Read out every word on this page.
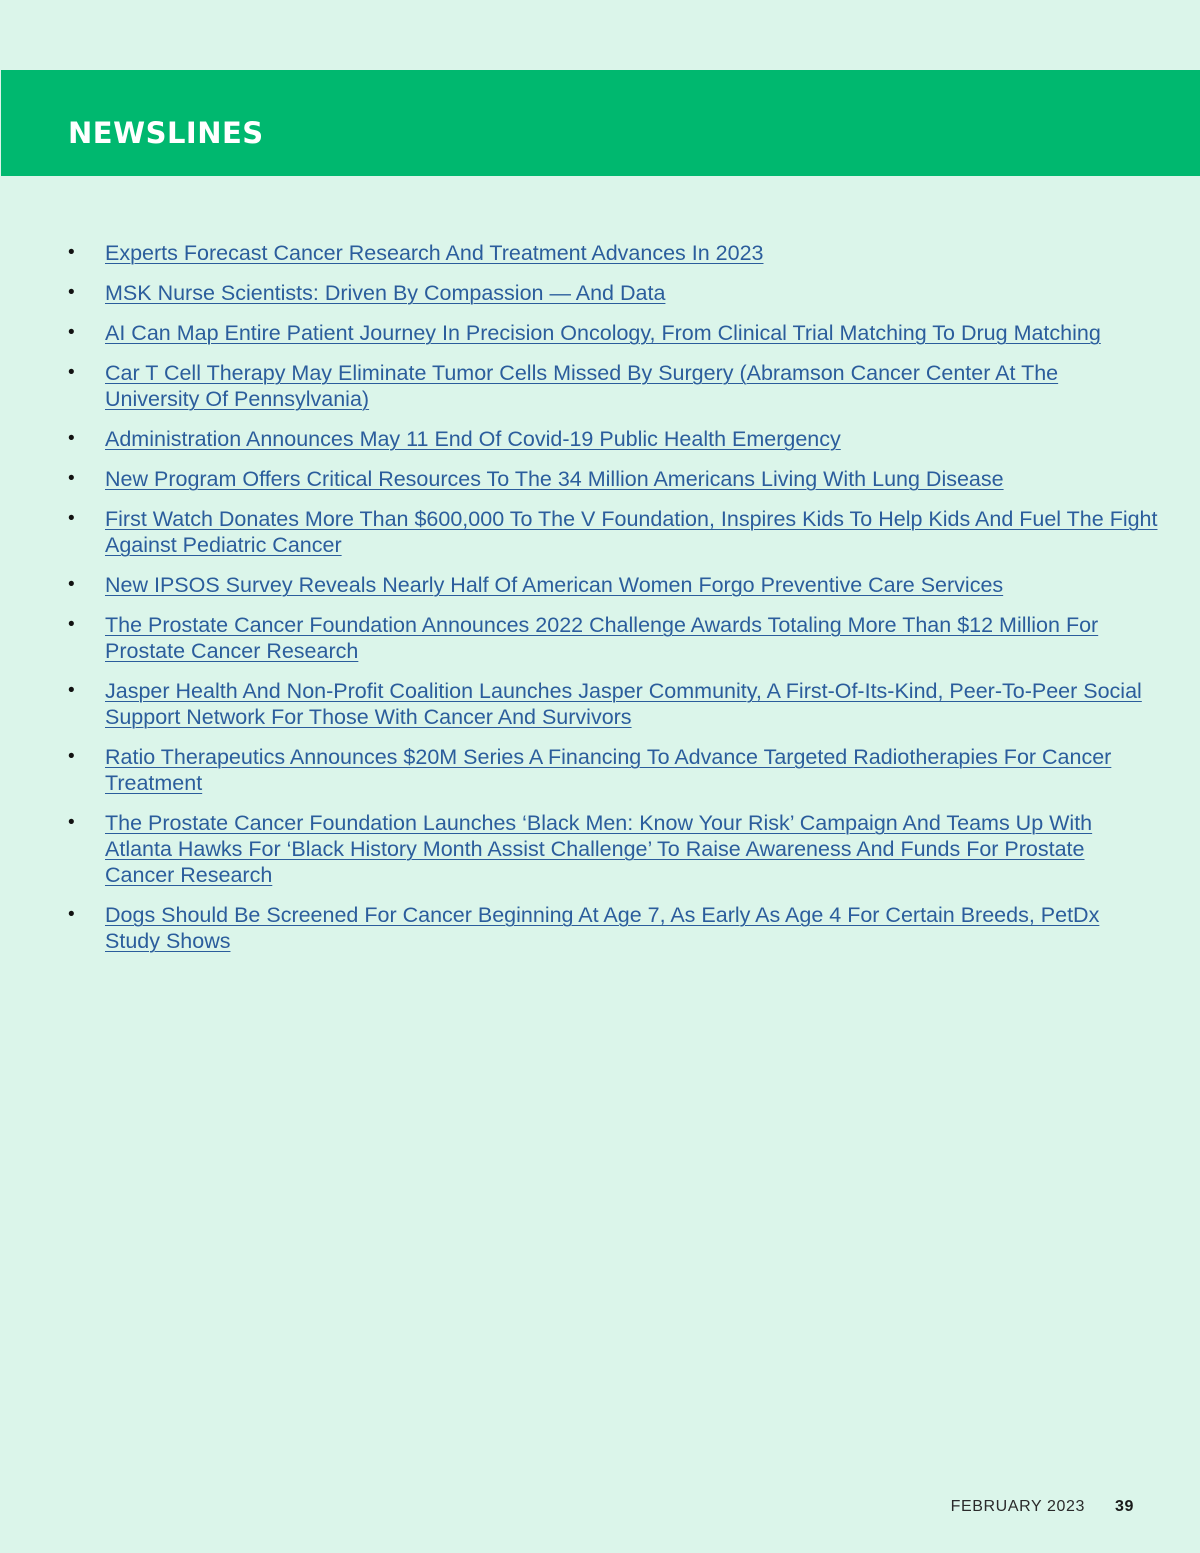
NEWSLINES
• Experts Forecast Cancer Research And Treatment Advances In 2023
• MSK Nurse Scientists: Driven By Compassion — And Data
• AI Can Map Entire Patient Journey In Precision Oncology, From Clinical Trial Matching To Drug Matching
• Car T Cell Therapy May Eliminate Tumor Cells Missed By Surgery (Abramson Cancer Center At The University Of Pennsylvania)
• Administration Announces May 11 End Of Covid-19 Public Health Emergency
• New Program Offers Critical Resources To The 34 Million Americans Living With Lung Disease
• First Watch Donates More Than $600,000 To The V Foundation, Inspires Kids To Help Kids And Fuel The Fight Against Pediatric Cancer
• New IPSOS Survey Reveals Nearly Half Of American Women Forgo Preventive Care Services
• The Prostate Cancer Foundation Announces 2022 Challenge Awards Totaling More Than $12 Million For Prostate Cancer Research
• Jasper Health And Non-Profit Coalition Launches Jasper Community, A First-Of-Its-Kind, Peer-To-Peer Social Support Network For Those With Cancer And Survivors
• Ratio Therapeutics Announces $20M Series A Financing To Advance Targeted Radiotherapies For Cancer Treatment
• The Prostate Cancer Foundation Launches ‘Black Men: Know Your Risk’ Campaign And Teams Up With Atlanta Hawks For ‘Black History Month Assist Challenge’ To Raise Awareness And Funds For Prostate Cancer Research
• Dogs Should Be Screened For Cancer Beginning At Age 7, As Early As Age 4 For Certain Breeds, PetDx Study Shows
FEBRUARY 2023 39
